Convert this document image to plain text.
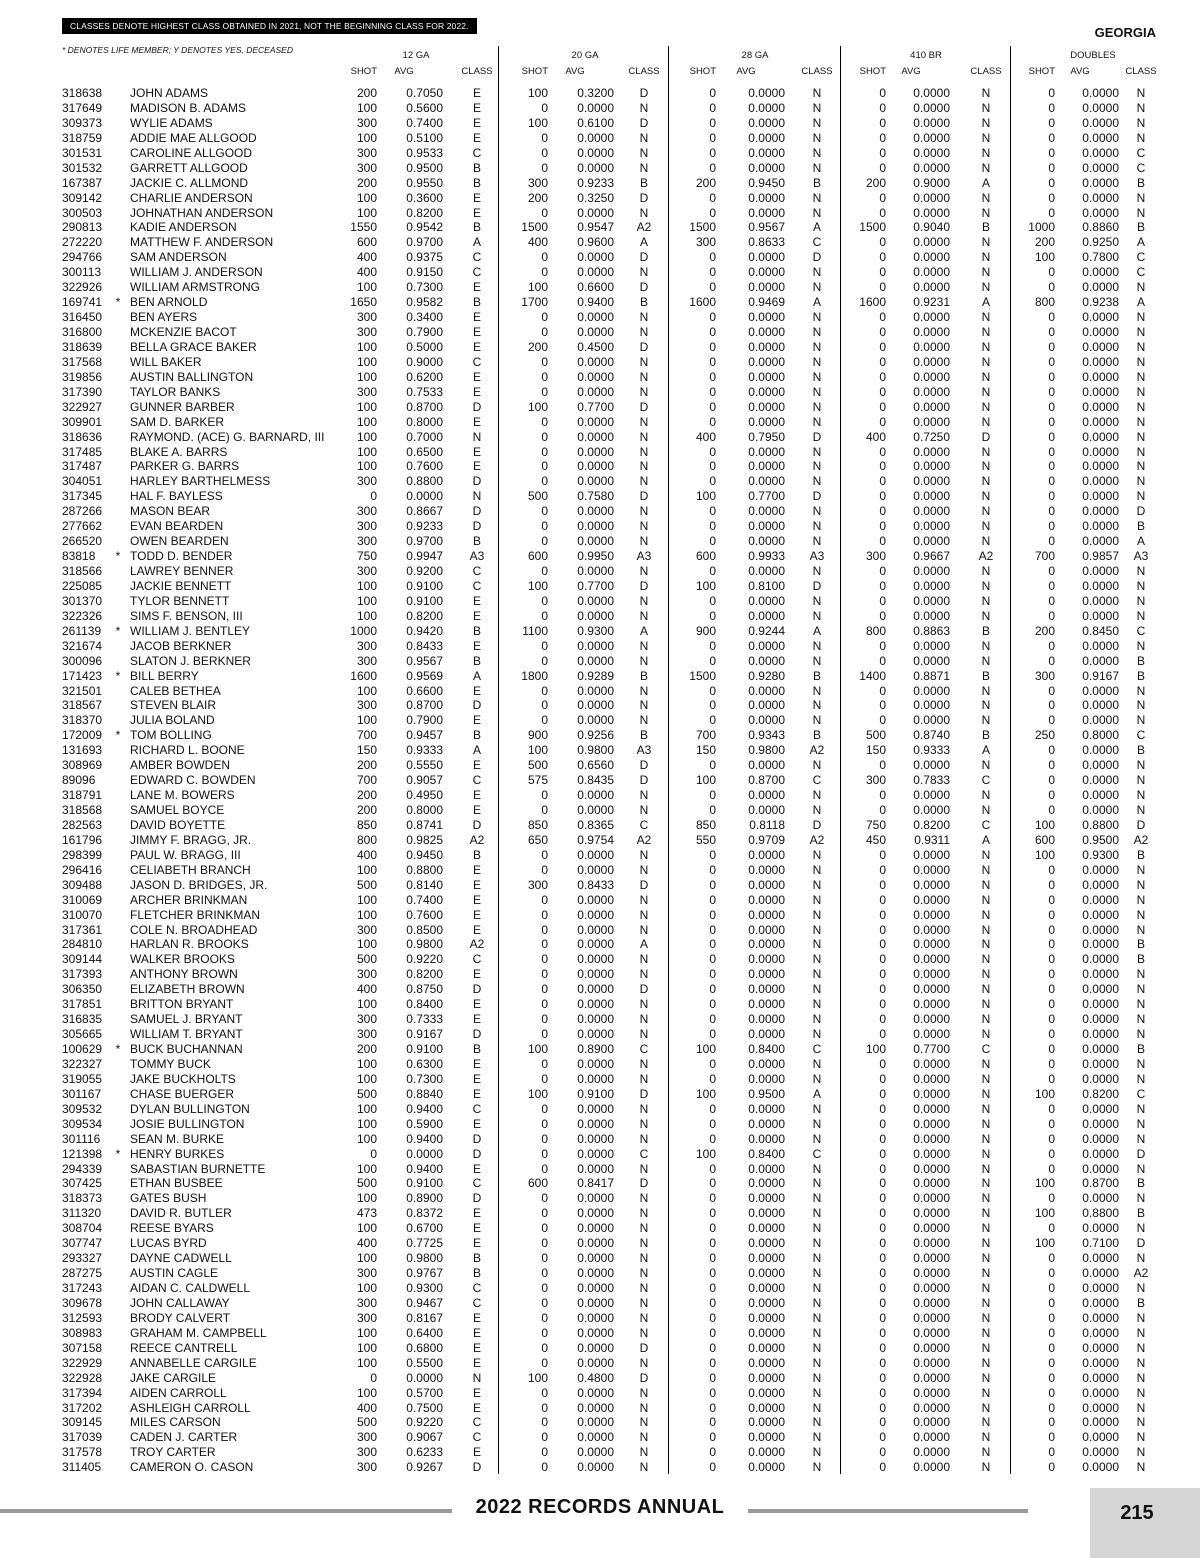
CLASSES DENOTE HIGHEST CLASS OBTAINED IN 2021, NOT THE BEGINNING CLASS FOR 2022.	GEORGIA
* DENOTES LIFE MEMBER; Y DENOTES YES, DECEASED	12 GA	20 GA	28 GA	410 BR	DOUBLES
SHOT	AVG	CLASS	SHOT	AVG	CLASS	SHOT	AVG	CLASS	SHOT	AVG	CLASS	SHOT	AVG	CLASS
318638	JOHN ADAMS	200	0.7050	E	100	0.3200	D	0	0.0000	N	0	0.0000	N	0	0.0000	N
317649	MADISON B. ADAMS	100	0.5600	E	0	0.0000	N	0	0.0000	N	0	0.0000	N	0	0.0000	N
309373	WYLIE ADAMS	300	0.7400	E	100	0.6100	D	0	0.0000	N	0	0.0000	N	0	0.0000	N
318759	ADDIE MAE ALLGOOD	100	0.5100	E	0	0.0000	N	0	0.0000	N	0	0.0000	N	0	0.0000	N
301531	CAROLINE ALLGOOD	300	0.9533	C	0	0.0000	N	0	0.0000	N	0	0.0000	N	0	0.0000	C
301532	GARRETT ALLGOOD	300	0.9500	B	0	0.0000	N	0	0.0000	N	0	0.0000	N	0	0.0000	C
167387	JACKIE C. ALLMOND	200	0.9550	B	300	0.9233	B	200	0.9450	B	200	0.9000	A	0	0.0000	B
309142	CHARLIE ANDERSON	100	0.3600	E	200	0.3250	D	0	0.0000	N	0	0.0000	N	0	0.0000	N
300503	JOHNATHAN ANDERSON	100	0.8200	E	0	0.0000	N	0	0.0000	N	0	0.0000	N	0	0.0000	N
290813	KADIE ANDERSON	1550	0.9542	B	1500	0.9547	A2	1500	0.9567	A	1500	0.9040	B	1000	0.8860	B
272220	MATTHEW F. ANDERSON	600	0.9700	A	400	0.9600	A	300	0.8633	C	0	0.0000	N	200	0.9250	A
294766	SAM ANDERSON	400	0.9375	C	0	0.0000	D	0	0.0000	D	0	0.0000	N	100	0.7800	C
300113	WILLIAM J. ANDERSON	400	0.9150	C	0	0.0000	N	0	0.0000	N	0	0.0000	N	0	0.0000	C
322926	WILLIAM ARMSTRONG	100	0.7300	E	100	0.6600	D	0	0.0000	N	0	0.0000	N	0	0.0000	N
169741	* BEN ARNOLD	1650	0.9582	B	1700	0.9400	B	1600	0.9469	A	1600	0.9231	A	800	0.9238	A
316450	BEN AYERS	300	0.3400	E	0	0.0000	N	0	0.0000	N	0	0.0000	N	0	0.0000	N
316800	MCKENZIE BACOT	300	0.7900	E	0	0.0000	N	0	0.0000	N	0	0.0000	N	0	0.0000	N
318639	BELLA GRACE BAKER	100	0.5000	E	200	0.4500	D	0	0.0000	N	0	0.0000	N	0	0.0000	N
317568	WILL BAKER	100	0.9000	C	0	0.0000	N	0	0.0000	N	0	0.0000	N	0	0.0000	N
319856	AUSTIN BALLINGTON	100	0.6200	E	0	0.0000	N	0	0.0000	N	0	0.0000	N	0	0.0000	N
317390	TAYLOR BANKS	300	0.7533	E	0	0.0000	N	0	0.0000	N	0	0.0000	N	0	0.0000	N
322927	GUNNER BARBER	100	0.8700	D	100	0.7700	D	0	0.0000	N	0	0.0000	N	0	0.0000	N
309901	SAM D. BARKER	100	0.8000	E	0	0.0000	N	0	0.0000	N	0	0.0000	N	0	0.0000	N
318636	RAYMOND. (ACE) G. BARNARD, III	100	0.7000	N	0	0.0000	N	400	0.7950	D	400	0.7250	D	0	0.0000	N
317485	BLAKE A. BARRS	100	0.6500	E	0	0.0000	N	0	0.0000	N	0	0.0000	N	0	0.0000	N
317487	PARKER G. BARRS	100	0.7600	E	0	0.0000	N	0	0.0000	N	0	0.0000	N	0	0.0000	N
304051	HARLEY BARTHELMESS	300	0.8800	D	0	0.0000	N	0	0.0000	N	0	0.0000	N	0	0.0000	N
317345	HAL F. BAYLESS	0	0.0000	N	500	0.7580	D	100	0.7700	D	0	0.0000	N	0	0.0000	N
287266	MASON BEAR	300	0.8667	D	0	0.0000	N	0	0.0000	N	0	0.0000	N	0	0.0000	D
277662	EVAN BEARDEN	300	0.9233	D	0	0.0000	N	0	0.0000	N	0	0.0000	N	0	0.0000	B
266520	OWEN BEARDEN	300	0.9700	B	0	0.0000	N	0	0.0000	N	0	0.0000	N	0	0.0000	A
83818	* TODD D. BENDER	750	0.9947	A3	600	0.9950	A3	600	0.9933	A3	300	0.9667	A2	700	0.9857	A3
318566	LAWREY BENNER	300	0.9200	C	0	0.0000	N	0	0.0000	N	0	0.0000	N	0	0.0000	N
225085	JACKIE BENNETT	100	0.9100	C	100	0.7700	D	100	0.8100	D	0	0.0000	N	0	0.0000	N
301370	TYLOR BENNETT	100	0.9100	E	0	0.0000	N	0	0.0000	N	0	0.0000	N	0	0.0000	N
322326	SIMS F. BENSON, III	100	0.8200	E	0	0.0000	N	0	0.0000	N	0	0.0000	N	0	0.0000	N
261139	* WILLIAM J. BENTLEY	1000	0.9420	B	1100	0.9300	A	900	0.9244	A	800	0.8863	B	200	0.8450	C
321674	JACOB BERKNER	300	0.8433	E	0	0.0000	N	0	0.0000	N	0	0.0000	N	0	0.0000	N
300096	SLATON J. BERKNER	300	0.9567	B	0	0.0000	N	0	0.0000	N	0	0.0000	N	0	0.0000	B
171423	* BILL BERRY	1600	0.9569	A	1800	0.9289	B	1500	0.9280	B	1400	0.8871	B	300	0.9167	B
321501	CALEB BETHEA	100	0.6600	E	0	0.0000	N	0	0.0000	N	0	0.0000	N	0	0.0000	N
318567	STEVEN BLAIR	300	0.8700	D	0	0.0000	N	0	0.0000	N	0	0.0000	N	0	0.0000	N
318370	JULIA BOLAND	100	0.7900	E	0	0.0000	N	0	0.0000	N	0	0.0000	N	0	0.0000	N
172009	* TOM BOLLING	700	0.9457	B	900	0.9256	B	700	0.9343	B	500	0.8740	B	250	0.8000	C
131693	RICHARD L. BOONE	150	0.9333	A	100	0.9800	A3	150	0.9800	A2	150	0.9333	A	0	0.0000	B
308969	AMBER BOWDEN	200	0.5550	E	500	0.6560	D	0	0.0000	N	0	0.0000	N	0	0.0000	N
89096	EDWARD C. BOWDEN	700	0.9057	C	575	0.8435	D	100	0.8700	C	300	0.7833	C	0	0.0000	N
318791	LANE M. BOWERS	200	0.4950	E	0	0.0000	N	0	0.0000	N	0	0.0000	N	0	0.0000	N
318568	SAMUEL BOYCE	200	0.8000	E	0	0.0000	N	0	0.0000	N	0	0.0000	N	0	0.0000	N
282563	DAVID BOYETTE	850	0.8741	D	850	0.8365	C	850	0.8118	D	750	0.8200	C	100	0.8800	D
161796	JIMMY F. BRAGG, JR.	800	0.9825	A2	650	0.9754	A2	550	0.9709	A2	450	0.9311	A	600	0.9500	A2
298399	PAUL W. BRAGG, III	400	0.9450	B	0	0.0000	N	0	0.0000	N	0	0.0000	N	100	0.9300	B
296416	CELIABETH BRANCH	100	0.8800	E	0	0.0000	N	0	0.0000	N	0	0.0000	N	0	0.0000	N
309488	JASON D. BRIDGES, JR.	500	0.8140	E	300	0.8433	D	0	0.0000	N	0	0.0000	N	0	0.0000	N
310069	ARCHER BRINKMAN	100	0.7400	E	0	0.0000	N	0	0.0000	N	0	0.0000	N	0	0.0000	N
310070	FLETCHER BRINKMAN	100	0.7600	E	0	0.0000	N	0	0.0000	N	0	0.0000	N	0	0.0000	N
317361	COLE N. BROADHEAD	300	0.8500	E	0	0.0000	N	0	0.0000	N	0	0.0000	N	0	0.0000	N
284810	HARLAN R. BROOKS	100	0.9800	A2	0	0.0000	A	0	0.0000	N	0	0.0000	N	0	0.0000	B
309144	WALKER BROOKS	500	0.9220	C	0	0.0000	N	0	0.0000	N	0	0.0000	N	0	0.0000	B
317393	ANTHONY BROWN	300	0.8200	E	0	0.0000	N	0	0.0000	N	0	0.0000	N	0	0.0000	N
306350	ELIZABETH BROWN	400	0.8750	D	0	0.0000	D	0	0.0000	N	0	0.0000	N	0	0.0000	N
317851	BRITTON BRYANT	100	0.8400	E	0	0.0000	N	0	0.0000	N	0	0.0000	N	0	0.0000	N
316835	SAMUEL J. BRYANT	300	0.7333	E	0	0.0000	N	0	0.0000	N	0	0.0000	N	0	0.0000	N
305665	WILLIAM T. BRYANT	300	0.9167	D	0	0.0000	N	0	0.0000	N	0	0.0000	N	0	0.0000	N
100629	* BUCK BUCHANNAN	200	0.9100	B	100	0.8900	C	100	0.8400	C	100	0.7700	C	0	0.0000	B
322327	TOMMY BUCK	100	0.6300	E	0	0.0000	N	0	0.0000	N	0	0.0000	N	0	0.0000	N
319055	JAKE BUCKHOLTS	100	0.7300	E	0	0.0000	N	0	0.0000	N	0	0.0000	N	0	0.0000	N
301167	CHASE BUERGER	500	0.8840	E	100	0.9100	D	100	0.9500	A	0	0.0000	N	100	0.8200	C
309532	DYLAN BULLINGTON	100	0.9400	C	0	0.0000	N	0	0.0000	N	0	0.0000	N	0	0.0000	N
309534	JOSIE BULLINGTON	100	0.5900	E	0	0.0000	N	0	0.0000	N	0	0.0000	N	0	0.0000	N
301116	SEAN M. BURKE	100	0.9400	D	0	0.0000	N	0	0.0000	N	0	0.0000	N	0	0.0000	N
121398	* HENRY BURKES	0	0.0000	D	0	0.0000	C	100	0.8400	C	0	0.0000	N	0	0.0000	D
294339	SABASTIAN BURNETTE	100	0.9400	E	0	0.0000	N	0	0.0000	N	0	0.0000	N	0	0.0000	N
307425	ETHAN BUSBEE	500	0.9100	C	600	0.8417	D	0	0.0000	N	0	0.0000	N	100	0.8700	B
318373	GATES BUSH	100	0.8900	D	0	0.0000	N	0	0.0000	N	0	0.0000	N	0	0.0000	N
311320	DAVID R. BUTLER	473	0.8372	E	0	0.0000	N	0	0.0000	N	0	0.0000	N	100	0.8800	B
308704	REESE BYARS	100	0.6700	E	0	0.0000	N	0	0.0000	N	0	0.0000	N	0	0.0000	N
307747	LUCAS BYRD	400	0.7725	E	0	0.0000	N	0	0.0000	N	0	0.0000	N	100	0.7100	D
293327	DAYNE CADWELL	100	0.9800	B	0	0.0000	N	0	0.0000	N	0	0.0000	N	0	0.0000	N
287275	AUSTIN CAGLE	300	0.9767	B	0	0.0000	N	0	0.0000	N	0	0.0000	N	0	0.0000	A2
317243	AIDAN C. CALDWELL	100	0.9300	C	0	0.0000	N	0	0.0000	N	0	0.0000	N	0	0.0000	N
309678	JOHN CALLAWAY	300	0.9467	C	0	0.0000	N	0	0.0000	N	0	0.0000	N	0	0.0000	B
312593	BRODY CALVERT	300	0.8167	E	0	0.0000	N	0	0.0000	N	0	0.0000	N	0	0.0000	N
308983	GRAHAM M. CAMPBELL	100	0.6400	E	0	0.0000	N	0	0.0000	N	0	0.0000	N	0	0.0000	N
307158	REECE CANTRELL	100	0.6800	E	0	0.0000	D	0	0.0000	N	0	0.0000	N	0	0.0000	N
322929	ANNABELLE CARGILE	100	0.5500	E	0	0.0000	N	0	0.0000	N	0	0.0000	N	0	0.0000	N
322928	JAKE CARGILE	0	0.0000	N	100	0.4800	D	0	0.0000	N	0	0.0000	N	0	0.0000	N
317394	AIDEN CARROLL	100	0.5700	E	0	0.0000	N	0	0.0000	N	0	0.0000	N	0	0.0000	N
317202	ASHLEIGH CARROLL	400	0.7500	E	0	0.0000	N	0	0.0000	N	0	0.0000	N	0	0.0000	N
309145	MILES CARSON	500	0.9220	C	0	0.0000	N	0	0.0000	N	0	0.0000	N	0	0.0000	N
317039	CADEN J. CARTER	300	0.9067	C	0	0.0000	N	0	0.0000	N	0	0.0000	N	0	0.0000	N
317578	TROY CARTER	300	0.6233	E	0	0.0000	N	0	0.0000	N	0	0.0000	N	0	0.0000	N
311405	CAMERON O. CASON	300	0.9267	D	0	0.0000	N	0	0.0000	N	0	0.0000	N	0	0.0000	N
2022 RECORDS ANNUAL	215
